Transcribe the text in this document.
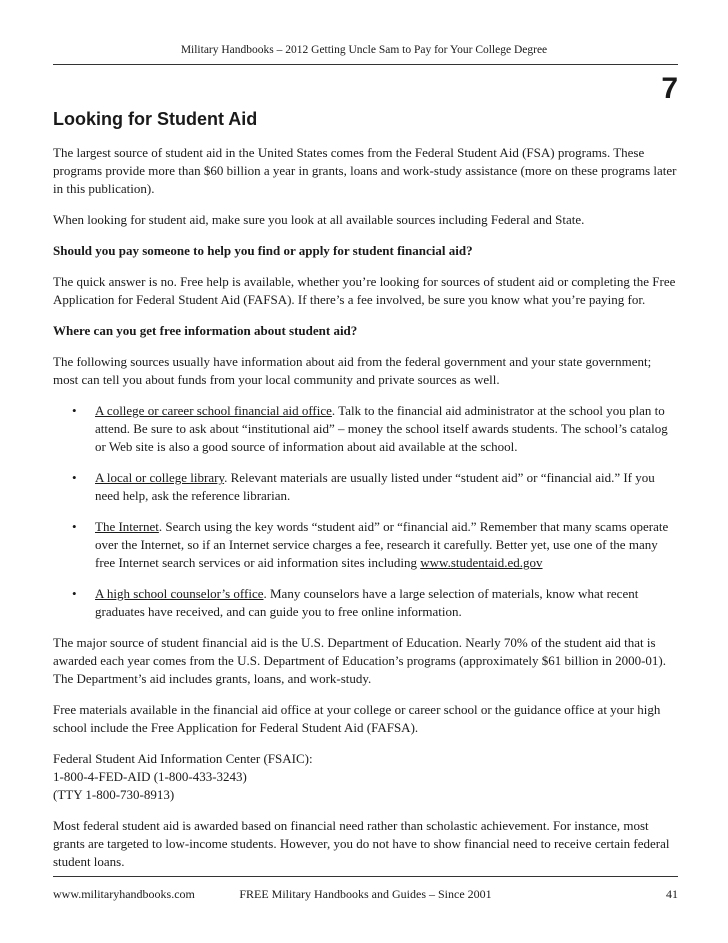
Military Handbooks – 2012 Getting Uncle Sam to Pay for Your College Degree
7
Looking for Student Aid

The largest source of student aid in the United States comes from the Federal Student Aid (FSA) programs. These programs provide more than $60 billion a year in grants, loans and work-study assistance (more on these programs later in this publication).

When looking for student aid, make sure you look at all available sources including Federal and State.

Should you pay someone to help you find or apply for student financial aid?

The quick answer is no. Free help is available, whether you’re looking for sources of student aid or completing the Free Application for Federal Student Aid (FAFSA). If there’s a fee involved, be sure you know what you’re paying for.

Where can you get free information about student aid?

The following sources usually have information about aid from the federal government and your state government; most can tell you about funds from your local community and private sources as well.

• A college or career school financial aid office. Talk to the financial aid administrator at the school you plan to attend. Be sure to ask about “institutional aid” – money the school itself awards students. The school’s catalog or Web site is also a good source of information about aid available at the school.
• A local or college library. Relevant materials are usually listed under “student aid” or “financial aid.” If you need help, ask the reference librarian.
• The Internet. Search using the key words “student aid” or “financial aid.” Remember that many scams operate over the Internet, so if an Internet service charges a fee, research it carefully. Better yet, use one of the many free Internet search services or aid information sites including www.studentaid.ed.gov
• A high school counselor’s office. Many counselors have a large selection of materials, know what recent graduates have received, and can guide you to free online information.

The major source of student financial aid is the U.S. Department of Education. Nearly 70% of the student aid that is awarded each year comes from the U.S. Department of Education’s programs (approximately $61 billion in 2000-01). The Department’s aid includes grants, loans, and work-study.

Free materials available in the financial aid office at your college or career school or the guidance office at your high school include the Free Application for Federal Student Aid (FAFSA).

Federal Student Aid Information Center (FSAIC):
1-800-4-FED-AID (1-800-433-3243)
(TTY 1-800-730-8913)

Most federal student aid is awarded based on financial need rather than scholastic achievement. For instance, most grants are targeted to low-income students. However, you do not have to show financial need to receive certain federal student loans.

www.militaryhandbooks.com	FREE Military Handbooks and Guides – Since 2001	41
